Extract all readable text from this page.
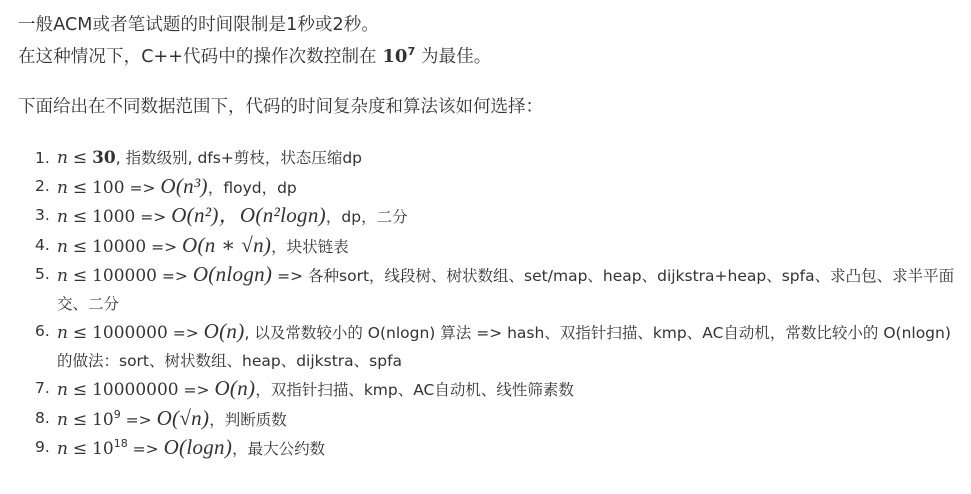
一般ACM或者笔试题的时间限制是1秒或2秒。

在这种情况下，C++代码中的操作次数控制在 $10^7$ 为最佳。

下面给出在不同数据范围下，代码的时间复杂度和算法该如何选择：

1. n ≤ 30, 指数级别, dfs+剪枝，状态压缩dp
2. n ≤ 100 => O(n³)，floyd，dp
3. n ≤ 1000 => O(n²)，O(n²logn)，dp，二分
4. n ≤ 10000 => O(n ∗ √n)，块状链表
5. n ≤ 100000 => O(nlogn) => 各种sort，线段树、树状数组、set/map、heap、dijkstra+heap、spfa、求凸包、求半平面交、二分
6. n ≤ 1000000 => O(n), 以及常数较小的 O(nlogn) 算法 => hash、双指针扫描、kmp、AC自动机，常数比较小的 O(nlogn) 的做法：sort、树状数组、heap、dijkstra、spfa
7. n ≤ 10000000 => O(n)，双指针扫描、kmp、AC自动机、线性筛素数
8. $n \le 10^9 => O(√n)$，判断质数
9. $n \le 10^{18} => O(\log n)$，最大公约数
